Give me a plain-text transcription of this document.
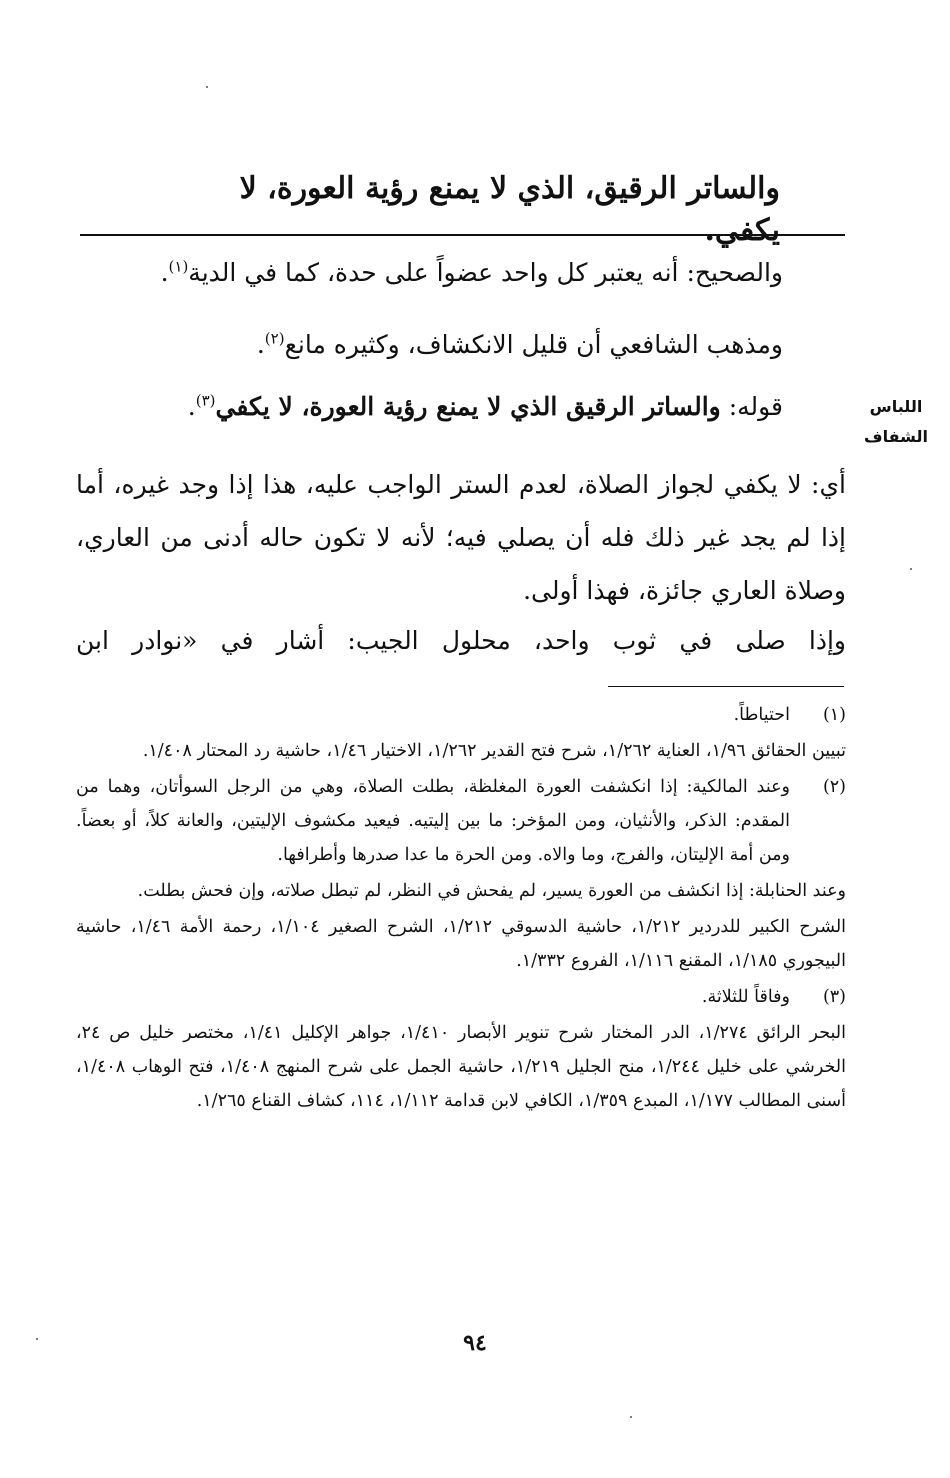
والساتر الرقيق، الذي لا يمنع رؤية العورة، لا يكفي.
اللباس
الشفاف
والصحيح: أنه يعتبر كل واحد عضواً على حدة، كما في الدية$^{(١)}$.
ومذهب الشافعي أن قليل الانكشاف، وكثيره مانع$^{(٢)}$.
قوله: والساتر الرقيق الذي لا يمنع رؤية العورة، لا يكفي$^{(٣)}$.
أي: لا يكفي لجواز الصلاة، لعدم الستر الواجب عليه، هذا إذا وجد غيره، أما إذا لم يجد غير ذلك فله أن يصلي فيه؛ لأنه لا تكون حاله أدنى من العاري، وصلاة العاري جائزة، فهذا أولى.
وإذا صلى في ثوب واحد، محلول الجيب: أشار في «نوادر ابن
(١)

احتياطاً.

تبيين الحقائق ١/٩٦، العناية ١/٢٦٢، شرح فتح القدير ١/٢٦٢، الاختيار ١/٤٦، حاشية رد المحتار ١/٤٠٨.

(٢)

وعند المالكية: إذا انكشفت العورة المغلظة، بطلت الصلاة، وهي من الرجل السوأتان، وهما من المقدم: الذكر، والأنثيان، ومن المؤخر: ما بين إليتيه. فيعيد مكشوف الإليتين، والعانة كلاً، أو بعضاً. ومن أمة الإليتان، والفرج، وما والاه. ومن الحرة ما عدا صدرها وأطرافها.

وعند الحنابلة: إذا انكشف من العورة يسير، لم يفحش في النظر، لم تبطل صلاته، وإن فحش بطلت.

الشرح الكبير للدردير ١/٢١٢، حاشية الدسوقي ١/٢١٢، الشرح الصغير ١/١٠٤، رحمة الأمة ١/٤٦، حاشية البيجوري ١/١٨٥، المقنع ١/١١٦، الفروع ١/٣٣٢.

(٣)

وفاقاً للثلاثة.

البحر الرائق ١/٢٧٤، الدر المختار شرح تنوير الأبصار ١/٤١٠، جواهر الإكليل ١/٤١، مختصر خليل ص ٢٤، الخرشي على خليل ١/٢٤٤، منح الجليل ١/٢١٩، حاشية الجمل على شرح المنهج ١/٤٠٨، فتح الوهاب ١/٤٠٨، أسنى المطالب ١/١٧٧، المبدع ١/٣٥٩، الكافي لابن قدامة ١/١١٢، ١١٤، كشاف القناع ١/٢٦٥.

٩٤
